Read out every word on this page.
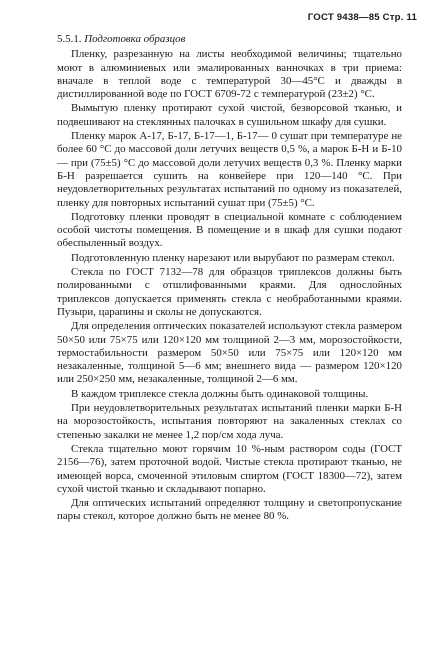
ГОСТ 9438—85 Стр. 11
5.5.1. Подготовка образцов

Пленку, разрезанную на листы необходимой величины; тщательно моют в алюминиевых или эмалированных ванночках в три приема: вначале в теплой воде с температурой 30—45°С и дважды в дистиллированной воде по ГОСТ 6709-72 с температурой (23±2) °С.

Вымытую пленку протирают сухой чистой, безворсовой тканью, и подвешивают на стеклянных палочках в сушильном шкафу для сушки.

Пленку марок А-17, Б-17, Б-17—1, Б-17— 0 сушат при температуре не более 60 °С до массовой доли летучих веществ 0,5 %, а марок Б-Н и Б-10 — при (75±5) °С до массовой доли летучих веществ 0,3 %. Пленку марки Б-Н разрешается сушить на конвейере при 120—140 °С. При неудовлетворительных результатах испытаний по одному из показателей, пленку для повторных испытаний сушат при (75±5) °С.

Подготовку пленки проводят в специальной комнате с соблюдением особой чистоты помещения. В помещение и в шкаф для сушки подают обеспыленный воздух.

Подготовленную пленку нарезают или вырубают по размерам стекол.

Стекла по ГОСТ 7132—78 для образцов триплексов должны быть полированными с отшлифованными краями. Для однослойных триплексов допускается применять стекла с необработанными краями. Пузыри, царапины и сколы не допускаются.

Для определения оптических показателей используют стекла размером 50×50 или 75×75 или 120×120 мм толщиной 2—3 мм, морозостойкости, термостабильности размером 50×50 или 75×75 или 120×120 мм незакаленные, толщиной 5—6 мм; внешнего вида — размером 120×120 или 250×250 мм, незакаленные, толщиной 2—6 мм.

В каждом триплексе стекла должны быть одинаковой толщины.

При неудовлетворительных результатах испытаний пленки марки Б-Н на морозостойкость, испытания повторяют на закаленных стеклах со степенью закалки не менее 1,2 пор/см хода луча.

Стекла тщательно моют горячим 10 %-ным раствором соды (ГОСТ 2156—76), затем проточной водой. Чистые стекла протирают тканью, не имеющей ворса, смоченной этиловым спиртом (ГОСТ 18300—72), затем сухой чистой тканью и складывают попарно.

Для оптических испытаний определяют толщину и светопропускание пары стекол, которое должно быть не менее 80 %.
